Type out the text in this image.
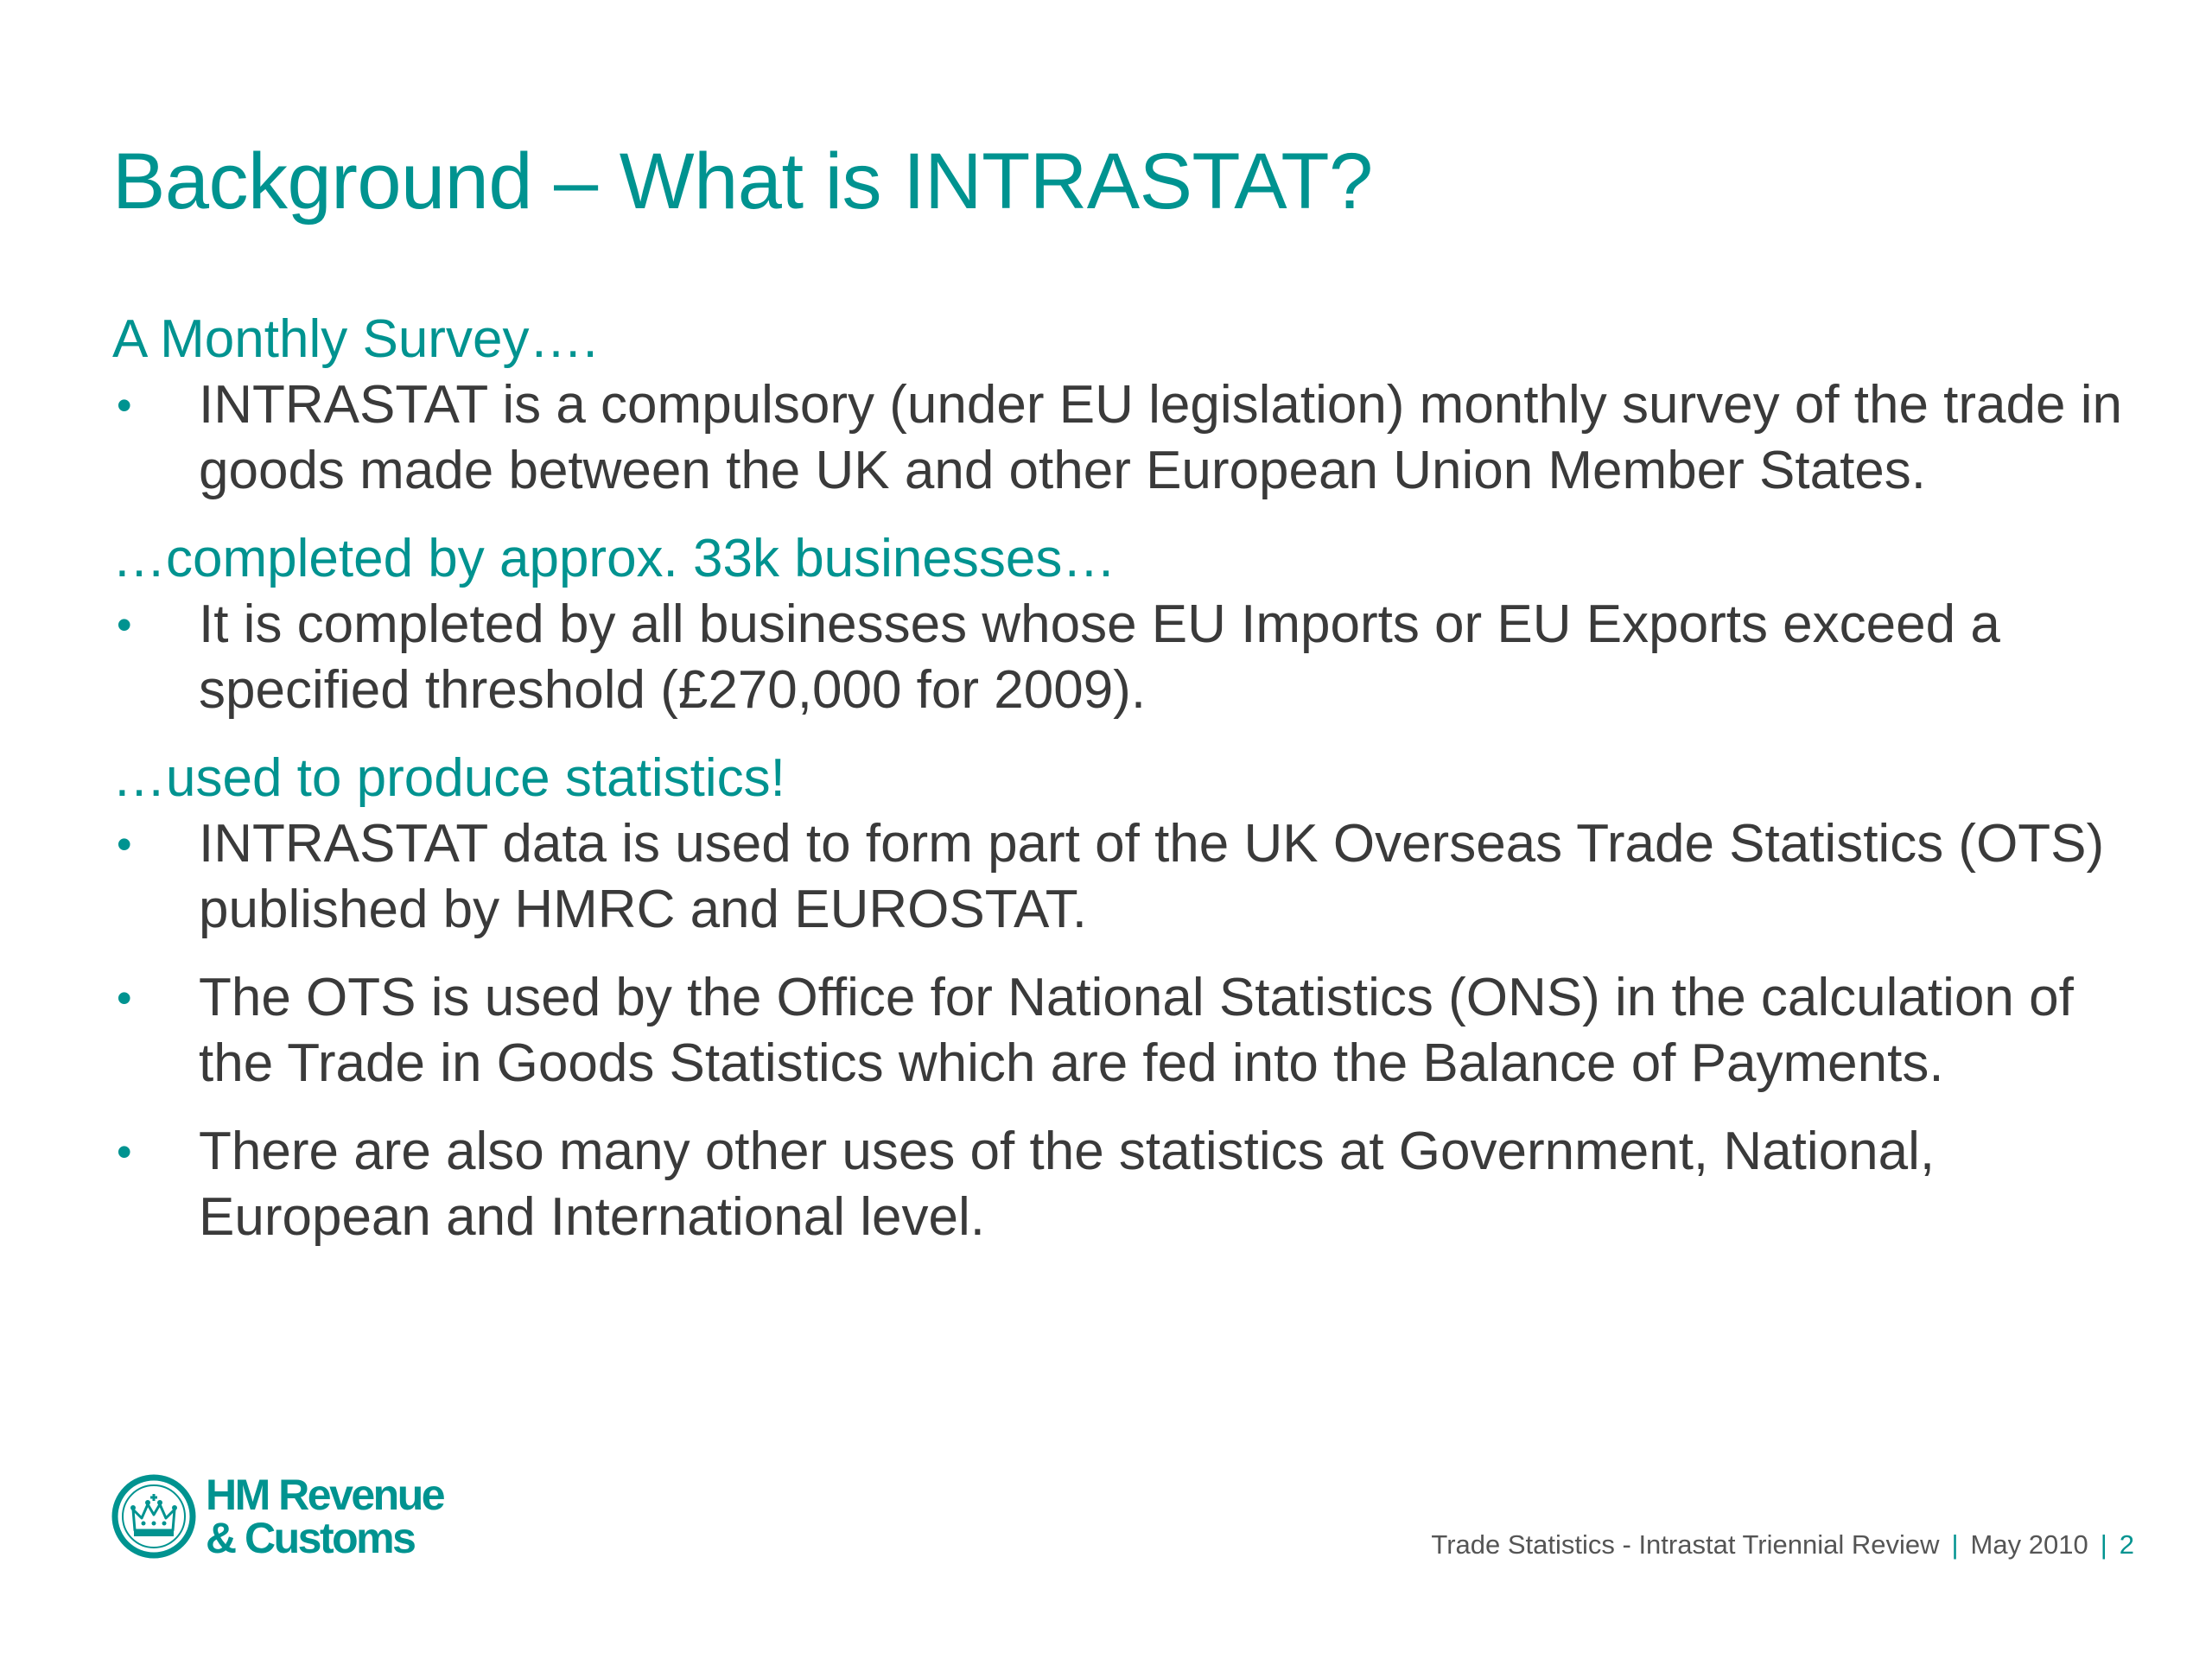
Background – What is INTRASTAT?

A Monthly Survey….

• INTRASTAT is a compulsory (under EU legislation) monthly survey of the trade in goods made between the UK and other European Union Member States.

…completed by approx. 33k businesses…

• It is completed by all businesses whose EU Imports or EU Exports exceed a specified threshold (£270,000 for 2009).

…used to produce statistics!

• INTRASTAT data is used to form part of the UK Overseas Trade Statistics (OTS) published by HMRC and EUROSTAT.

• The OTS is used by the Office for National Statistics (ONS) in the calculation of the Trade in Goods Statistics which are fed into the Balance of Payments.

• There are also many other uses of the statistics at Government, National, European and International level.

HM Revenue
& Customs	Trade Statistics - Intrastat Triennial Review | May 2010 | 2
